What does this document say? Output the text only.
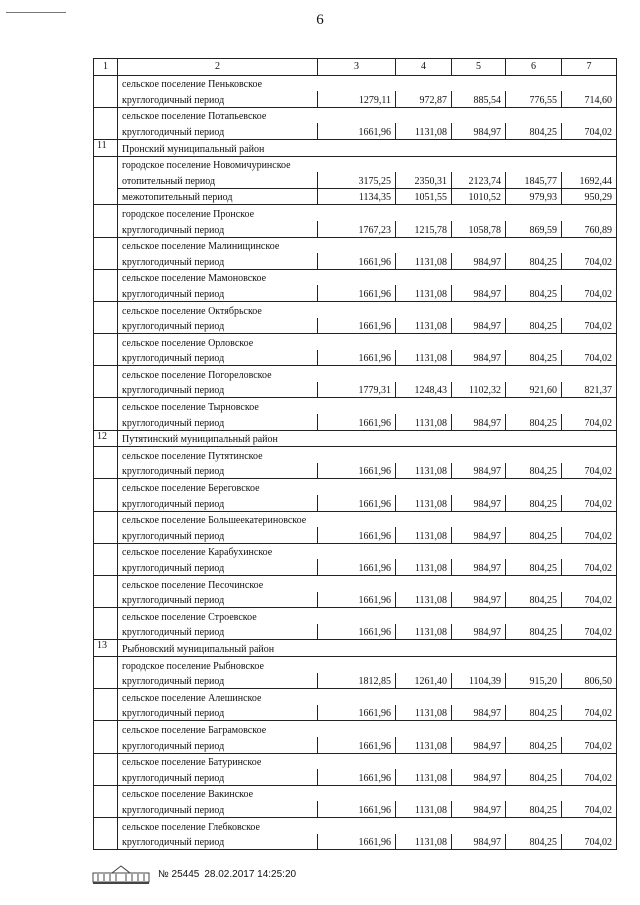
6
1	2	3	4	5	6	7
	сельское поселение Пеньковское					
	круглогодичный период	1279,11	972,87	885,54	776,55	714,60
	сельское поселение Потапьевское					
	круглогодичный период	1661,96	1131,08	984,97	804,25	704,02
11	Пронский муниципальный район					
	городское поселение Новомичуринское					
	отопительный период	3175,25	2350,31	2123,74	1845,77	1692,44
	межотопительный период	1134,35	1051,55	1010,52	979,93	950,29
	городское поселение Пронское					
	круглогодичный период	1767,23	1215,78	1058,78	869,59	760,89
	сельское поселение Малинищинское					
	круглогодичный период	1661,96	1131,08	984,97	804,25	704,02
	сельское поселение Мамоновское					
	круглогодичный период	1661,96	1131,08	984,97	804,25	704,02
	сельское поселение Октябрьское					
	круглогодичный период	1661,96	1131,08	984,97	804,25	704,02
	сельское поселение Орловское					
	круглогодичный период	1661,96	1131,08	984,97	804,25	704,02
	сельское поселение Погореловское					
	круглогодичный период	1779,31	1248,43	1102,32	921,60	821,37
	сельское поселение Тырновское					
	круглогодичный период	1661,96	1131,08	984,97	804,25	704,02
12	Путятинский муниципальный район					
	сельское поселение Путятинское					
	круглогодичный период	1661,96	1131,08	984,97	804,25	704,02
	сельское поселение Береговское					
	круглогодичный период	1661,96	1131,08	984,97	804,25	704,02
	сельское поселение Большеекатериновское					
	круглогодичный период	1661,96	1131,08	984,97	804,25	704,02
	сельское поселение Карабухинское					
	круглогодичный период	1661,96	1131,08	984,97	804,25	704,02
	сельское поселение Песочинское					
	круглогодичный период	1661,96	1131,08	984,97	804,25	704,02
	сельское поселение Строевское					
	круглогодичный период	1661,96	1131,08	984,97	804,25	704,02
13	Рыбновский муниципальный район					
	городское поселение Рыбновское					
	круглогодичный период	1812,85	1261,40	1104,39	915,20	806,50
	сельское поселение Алешинское					
	круглогодичный период	1661,96	1131,08	984,97	804,25	704,02
	сельское поселение Баграмовское					
	круглогодичный период	1661,96	1131,08	984,97	804,25	704,02
	сельское поселение Батуринское					
	круглогодичный период	1661,96	1131,08	984,97	804,25	704,02
	сельское поселение Вакинское					
	круглогодичный период	1661,96	1131,08	984,97	804,25	704,02
	сельское поселение Глебковское					
	круглогодичный период	1661,96	1131,08	984,97	804,25	704,02
№ 25445 28.02.2017 14:25:20
